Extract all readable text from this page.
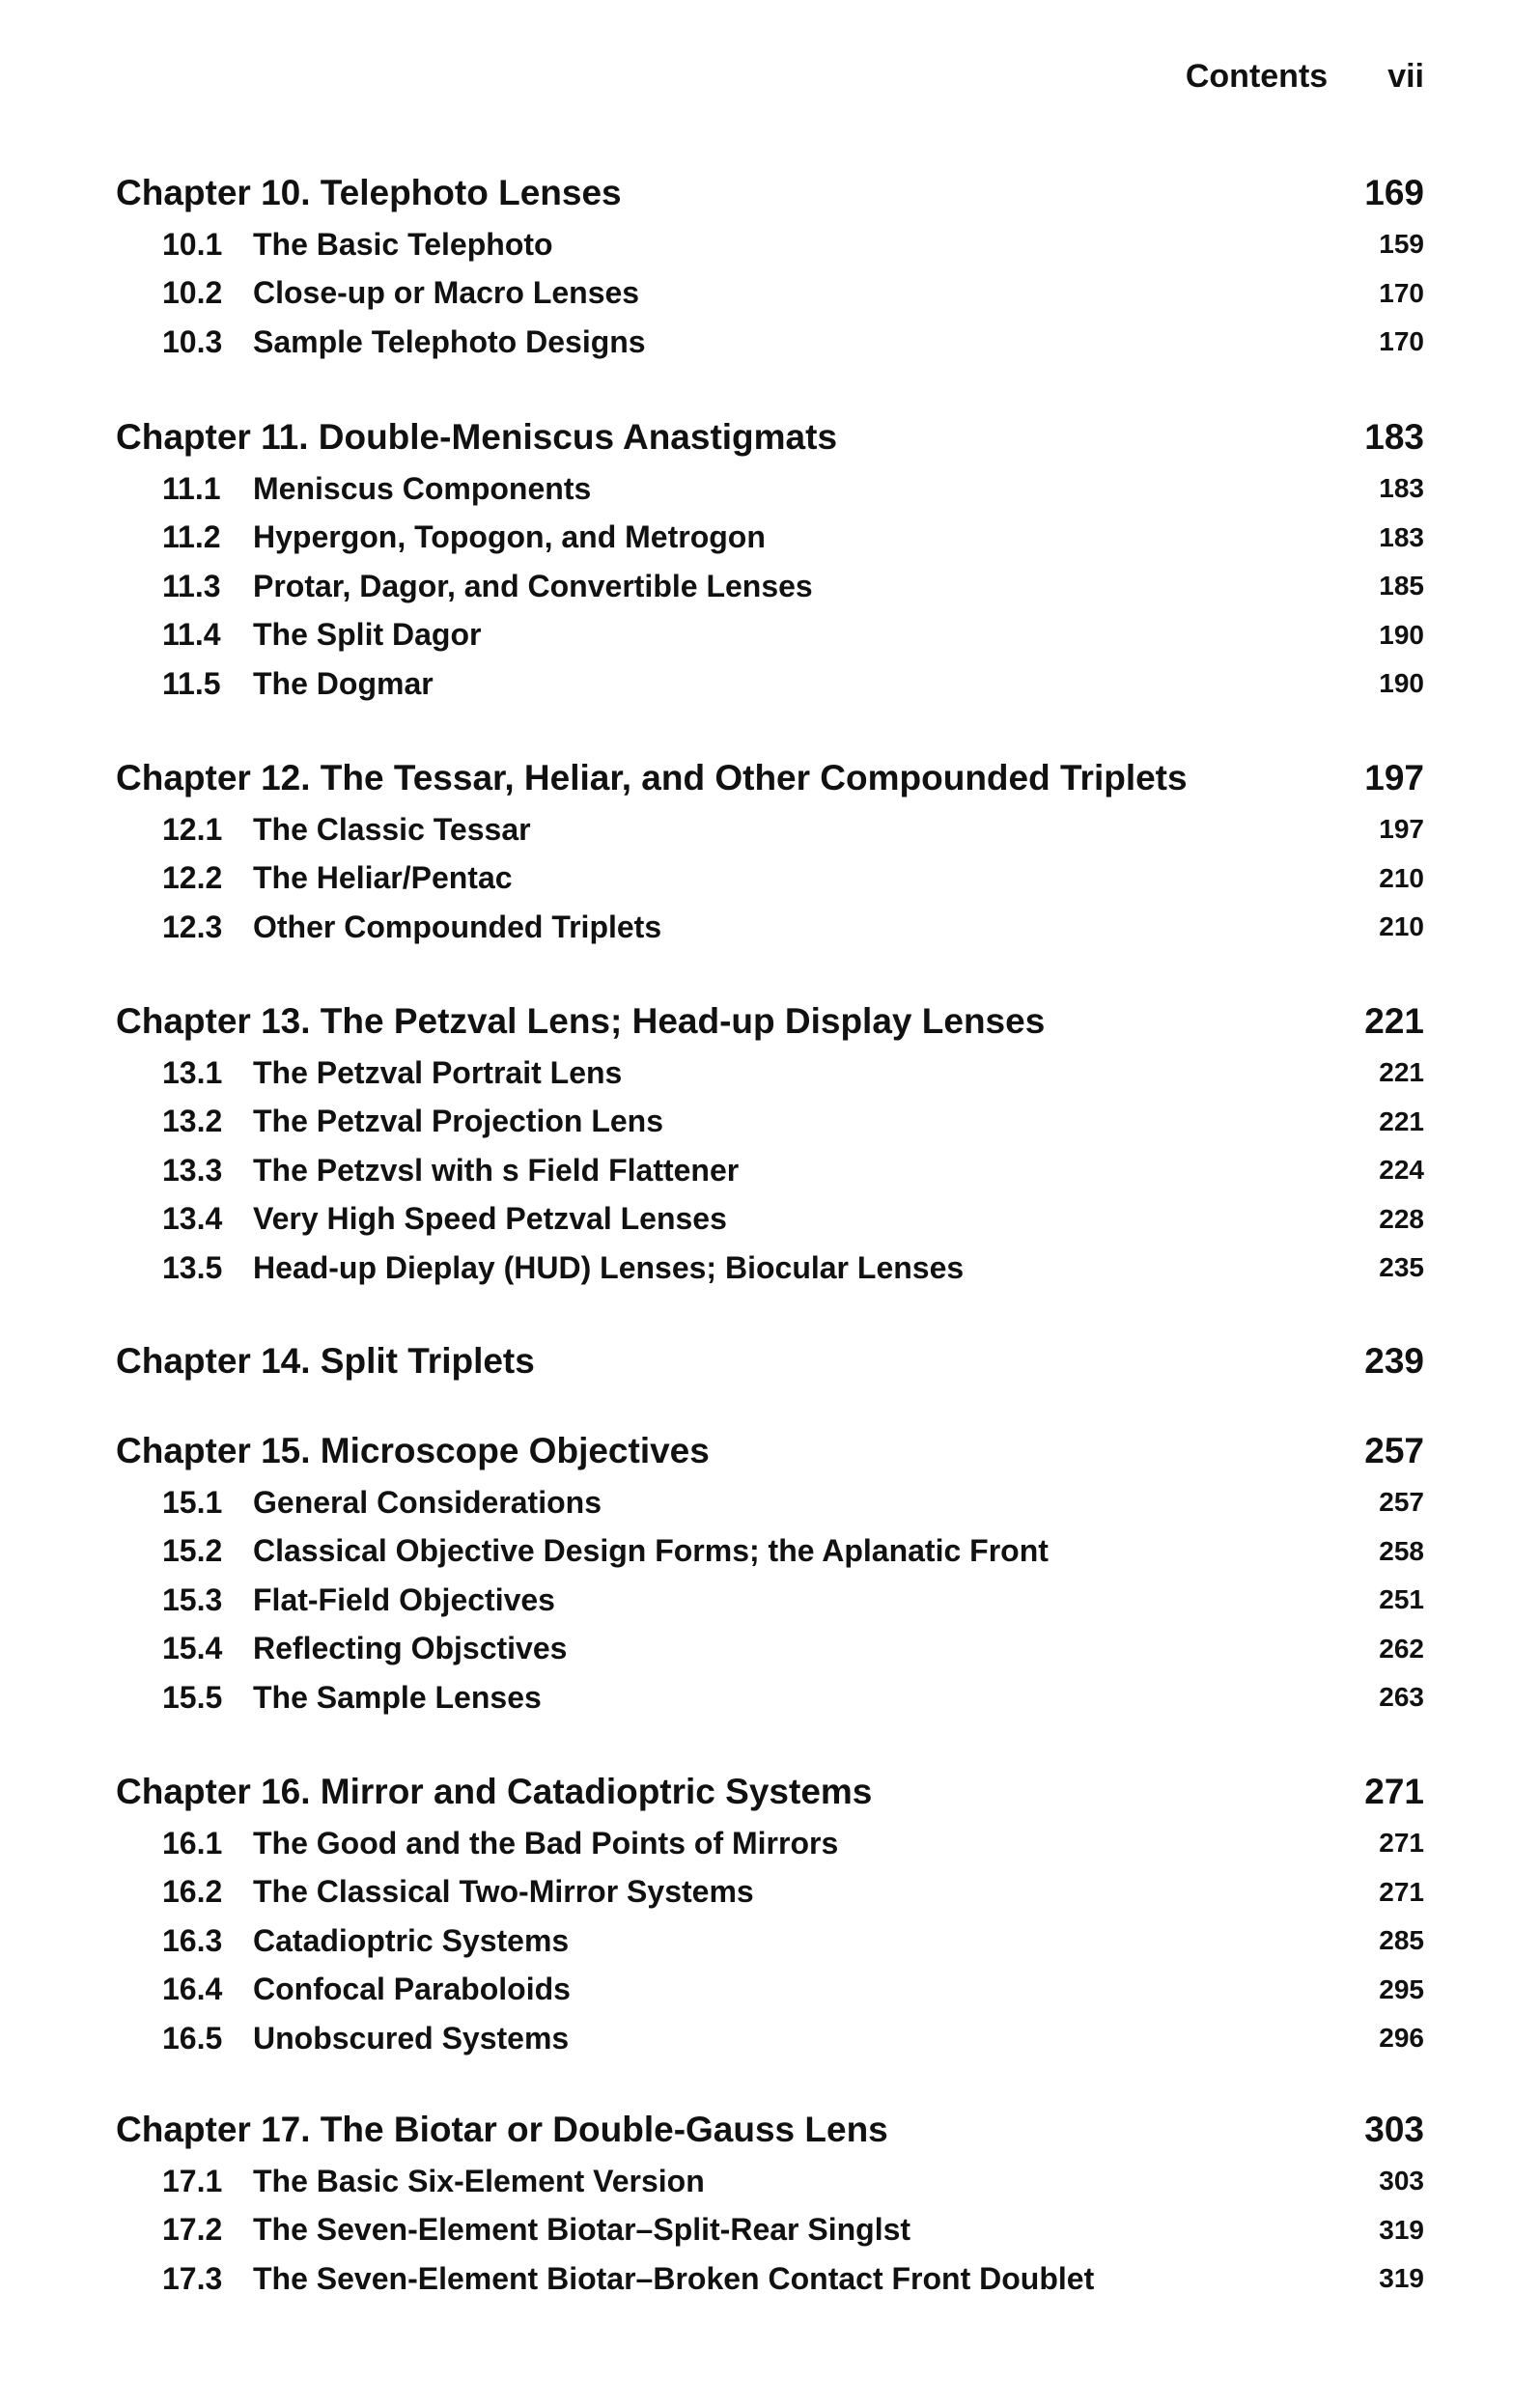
Contents vii
Chapter 10. Telephoto Lenses	169
10.1 The Basic Telephoto	159
10.2 Close-up or Macro Lenses	170
10.3 Sample Telephoto Designs	170
Chapter 11. Double-Meniscus Anastigmats	183
11.1 Meniscus Components	183
11.2 Hypergon, Topogon, and Metrogon	183
11.3 Protar, Dagor, and Convertible Lenses	185
11.4 The Split Dagor	190
11.5 The Dogmar	190
Chapter 12. The Tessar, Heliar, and Other Compounded Triplets	197
12.1 The Classic Tessar	197
12.2 The Heliar/Pentac	210
12.3 Other Compounded Triplets	210
Chapter 13. The Petzval Lens; Head-up Display Lenses	221
13.1 The Petzval Portrait Lens	221
13.2 The Petzval Projection Lens	221
13.3 The Petzvsl with s Field Flattener	224
13.4 Very High Speed Petzval Lenses	228
13.5 Head-up Dieplay (HUD) Lenses; Biocular Lenses	235
Chapter 14. Split Triplets	239
Chapter 15. Microscope Objectives	257
15.1 General Considerations	257
15.2 Classical Objective Design Forms; the Aplanatic Front	258
15.3 Flat-Field Objectives	251
15.4 Reflecting Objsctives	262
15.5 The Sample Lenses	263
Chapter 16. Mirror and Catadioptric Systems	271
16.1 The Good and the Bad Points of Mirrors	271
16.2 The Classical Two-Mirror Systems	271
16.3 Catadioptric Systems	285
16.4 Confocal Paraboloids	295
16.5 Unobscured Systems	296
Chapter 17. The Biotar or Double-Gauss Lens	303
17.1 The Basic Six-Element Version	303
17.2 The Seven-Element Biotar–Split-Rear Singlst	319
17.3 The Seven-Element Biotar–Broken Contact Front Doublet	319
